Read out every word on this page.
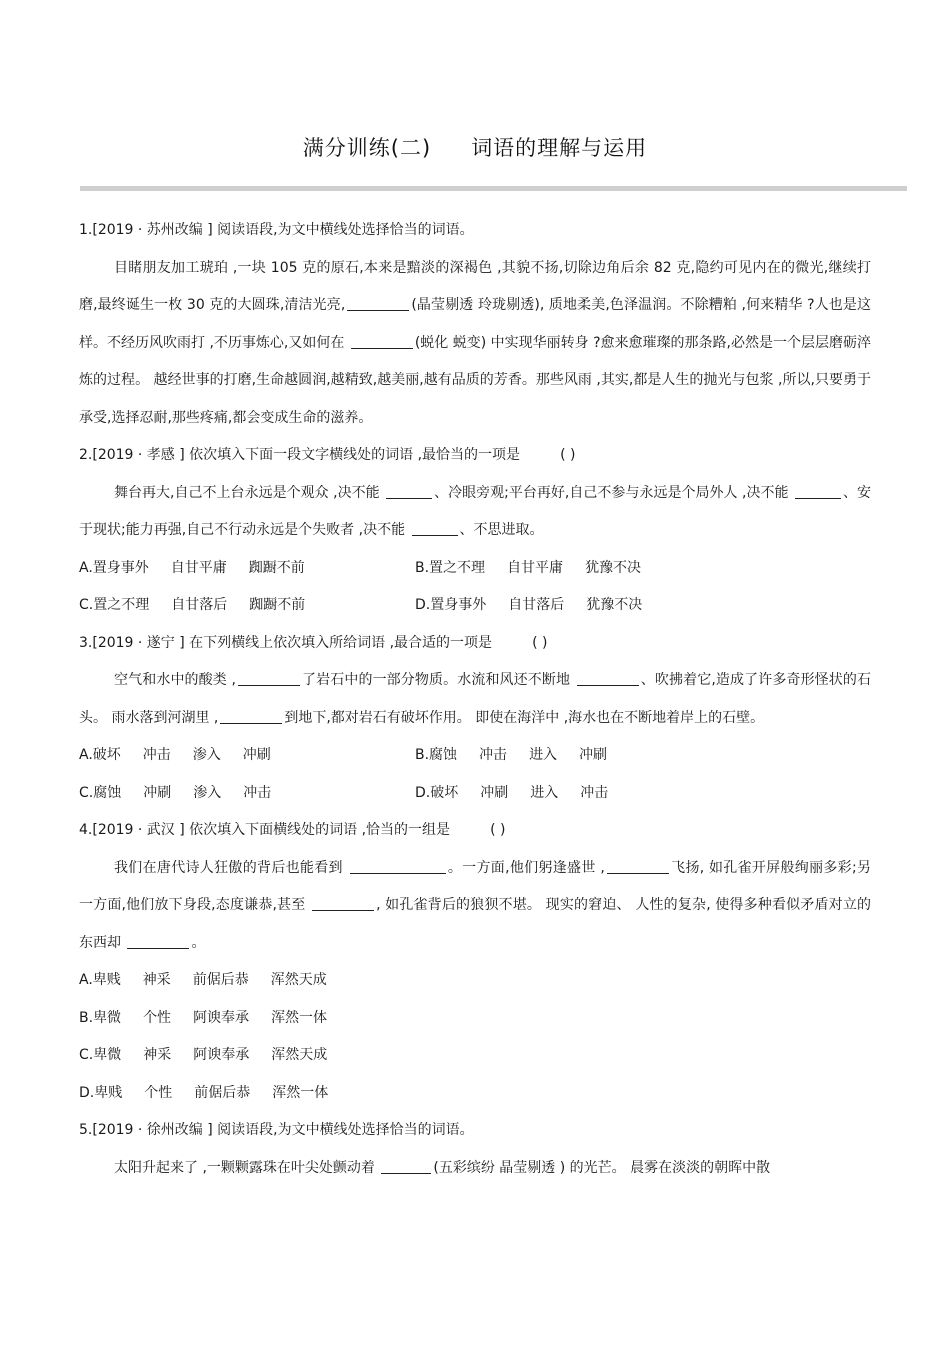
满分训练(二) 词语的理解与运用

1.[2019 · 苏州改编 ] 阅读语段,为文中横线处选择恰当的词语。

目睹朋友加工琥珀 ,一块 105 克的原石,本来是黯淡的深褐色 ,其貌不扬,切除边角后余 82 克,隐约可见内在的微光,继续打磨,最终诞生一枚 30 克的大圆珠,清洁光亮,	(晶莹剔透 玲珑剔透), 质地柔美,色泽温润。不除糟粕 ,何来精华 ?人也是这样。不经历风吹雨打 ,不历事炼心,又如何在	(蜕化 蜕变) 中实现华丽转身 ?愈来愈璀璨的那条路,必然是一个层层磨砺淬炼的过程。 越经世事的打磨,生命越圆润,越精致,越美丽,越有品质的芳香。那些风雨 ,其实,都是人生的抛光与包浆 ,所以,只要勇于承受,选择忍耐,那些疼痛,都会变成生命的滋养。

2.[2019 · 孝感 ] 依次填入下面一段文字横线处的词语 ,最恰当的一项是	( )

舞台再大,自己不上台永远是个观众 ,决不能	、冷眼旁观;平台再好,自己不参与永远是个局外人 ,决不能	、安于现状;能力再强,自己不行动永远是个失败者 ,决不能	、不思进取。

A.置身事外 自甘平庸 踟蹰不前	B.置之不理 自甘平庸 犹豫不决
C.置之不理 自甘落后 踟蹰不前	D.置身事外 自甘落后 犹豫不决

3.[2019 · 遂宁 ] 在下列横线上依次填入所给词语 ,最合适的一项是	( )

空气和水中的酸类 ,	了岩石中的一部分物质。水流和风还不断地	、吹拂着它,造成了许多奇形怪状的石头。 雨水落到河湖里 ,	到地下,都对岩石有破坏作用。 即使在海洋中 ,海水也在不断地着岸上的石壁。

A.破坏 冲击 渗入 冲刷	B.腐蚀 冲击 进入 冲刷
C.腐蚀 冲刷 渗入 冲击	D.破坏 冲刷 进入 冲击

4.[2019 · 武汉 ] 依次填入下面横线处的词语 ,恰当的一组是	( )

我们在唐代诗人狂傲的背后也能看到	。一方面,他们躬逢盛世 ,	飞扬, 如孔雀开屏般绚丽多彩;另一方面,他们放下身段,态度谦恭,甚至	, 如孔雀背后的狼狈不堪。 现实的窘迫、 人性的复杂, 使得多种看似矛盾对立的东西却	。

A.卑贱 神采 前倨后恭 浑然天成

B.卑微 个性 阿谀奉承 浑然一体

C.卑微 神采 阿谀奉承 浑然天成

D.卑贱 个性 前倨后恭 浑然一体

5.[2019 · 徐州改编 ] 阅读语段,为文中横线处选择恰当的词语。

太阳升起来了 ,一颗颗露珠在叶尖处颤动着	(五彩缤纷 晶莹剔透 ) 的光芒。 晨雾在淡淡的朝晖中散
